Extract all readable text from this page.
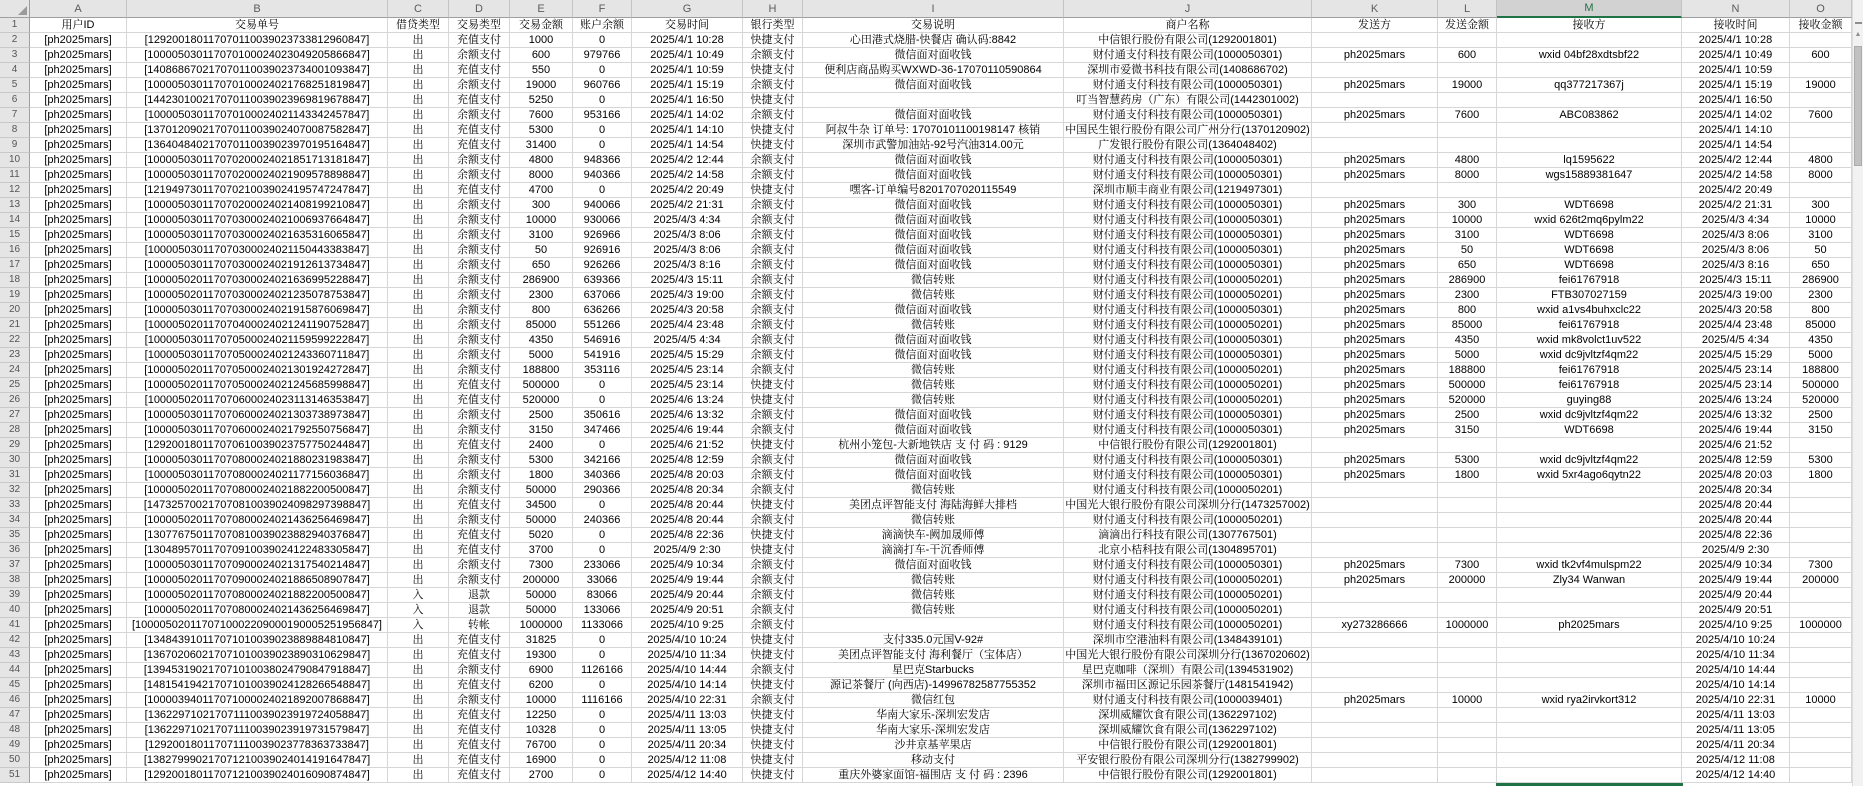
	A	B	C	D	E	F	G	H	I	J	K	L	M	N	O
1	用户ID	交易单号	借贷类型	交易类型	交易金额	账户余额	交易时间	银行类型	交易说明	商户名称	发送方	发送金额	接收方	接收时间	接收金额
2	[ph2025mars]	[129200180117070110039023733812960847]	出	充值支付	1000	0	2025/4/1 10:28	快捷支付	心田港式烧腊-快餐店 确认码:8842	中信银行股份有限公司(1292001801)				2025/4/1 10:28	
3	[ph2025mars]	[100005030117070100024023049205866847]	出	余额支付	600	979766	2025/4/1 10:49	余额支付	微信面对面收钱	财付通支付科技有限公司(1000050301)	ph2025mars	600	wxid 04bf28xdtsbf22	2025/4/1 10:49	600
4	[ph2025mars]	[140868670217070110039023734001093847]	出	充值支付	550	0	2025/4/1 10:59	快捷支付	便利店商品购买WXWD-36-17070110590864	深圳市爱微书科技有限公司(1408686702)				2025/4/1 10:59	
5	[ph2025mars]	[100005030117070100024021768251819847]	出	余额支付	19000	960766	2025/4/1 15:19	余额支付	微信面对面收钱	财付通支付科技有限公司(1000050301)	ph2025mars	19000	qq377217367j	2025/4/1 15:19	19000
6	[ph2025mars]	[144230100217070110039023969819678847]	出	充值支付	5250	0	2025/4/1 16:50	快捷支付		叮当智慧药房（广东）有限公司(1442301002)				2025/4/1 16:50	
7	[ph2025mars]	[100005030117070100024021143342457847]	出	余额支付	7600	953166	2025/4/1 14:02	余额支付	微信面对面收钱	财付通支付科技有限公司(1000050301)	ph2025mars	7600	ABC083862	2025/4/1 14:02	7600
8	[ph2025mars]	[137012090217070110039024070087582847]	出	充值支付	5300	0	2025/4/1 14:10	快捷支付	阿叔牛杂 订单号: 17070101100198147 核销	中国民生银行股份有限公司广州分行(1370120902)				2025/4/1 14:10	
9	[ph2025mars]	[136404840217070110039023970195164847]	出	充值支付	31400	0	2025/4/1 14:54	快捷支付	深圳市武警加油站-92号汽油314.00元	广发银行股份有限公司(1364048402)				2025/4/1 14:54	
10	[ph2025mars]	[100005030117070200024021851713181847]	出	余额支付	4800	948366	2025/4/2 12:44	余额支付	微信面对面收钱	财付通支付科技有限公司(1000050301)	ph2025mars	4800	lq1595622	2025/4/2 12:44	4800
11	[ph2025mars]	[100005030117070200024021909578898847]	出	余额支付	8000	940366	2025/4/2 14:58	余额支付	微信面对面收钱	财付通支付科技有限公司(1000050301)	ph2025mars	8000	wgs15889381647	2025/4/2 14:58	8000
12	[ph2025mars]	[121949730117070210039024195747247847]	出	充值支付	4700	0	2025/4/2 20:49	快捷支付	嘿客-订单编号8201707020115549	深圳市顺丰商业有限公司(1219497301)				2025/4/2 20:49	
13	[ph2025mars]	[100005030117070200024021408199210847]	出	余额支付	300	940066	2025/4/2 21:31	余额支付	微信面对面收钱	财付通支付科技有限公司(1000050301)	ph2025mars	300	WDT6698	2025/4/2 21:31	300
14	[ph2025mars]	[100005030117070300024021006937664847]	出	余额支付	10000	930066	2025/4/3 4:34	余额支付	微信面对面收钱	财付通支付科技有限公司(1000050301)	ph2025mars	10000	wxid 626t2mq6pylm22	2025/4/3 4:34	10000
15	[ph2025mars]	[100005030117070300024021635316065847]	出	余额支付	3100	926966	2025/4/3 8:06	余额支付	微信面对面收钱	财付通支付科技有限公司(1000050301)	ph2025mars	3100	WDT6698	2025/4/3 8:06	3100
16	[ph2025mars]	[100005030117070300024021150443383847]	出	余额支付	50	926916	2025/4/3 8:06	余额支付	微信面对面收钱	财付通支付科技有限公司(1000050301)	ph2025mars	50	WDT6698	2025/4/3 8:06	50
17	[ph2025mars]	[100005030117070300024021912613734847]	出	余额支付	650	926266	2025/4/3 8:16	余额支付	微信面对面收钱	财付通支付科技有限公司(1000050301)	ph2025mars	650	WDT6698	2025/4/3 8:16	650
18	[ph2025mars]	[100005020117070300024021636995228847]	出	余额支付	286900	639366	2025/4/3 15:11	余额支付	微信转账	财付通支付科技有限公司(1000050201)	ph2025mars	286900	fei61767918	2025/4/3 15:11	286900
19	[ph2025mars]	[100005020117070300024021235078753847]	出	余额支付	2300	637066	2025/4/3 19:00	余额支付	微信转账	财付通支付科技有限公司(1000050201)	ph2025mars	2300	FTB307027159	2025/4/3 19:00	2300
20	[ph2025mars]	[100005030117070300024021915876069847]	出	余额支付	800	636266	2025/4/3 20:58	余额支付	微信面对面收钱	财付通支付科技有限公司(1000050301)	ph2025mars	800	wxid a1vs4buhxclc22	2025/4/3 20:58	800
21	[ph2025mars]	[100005020117070400024021241190752847]	出	余额支付	85000	551266	2025/4/4 23:48	余额支付	微信转账	财付通支付科技有限公司(1000050201)	ph2025mars	85000	fei61767918	2025/4/4 23:48	85000
22	[ph2025mars]	[100005030117070500024021159599222847]	出	余额支付	4350	546916	2025/4/5 4:34	余额支付	微信面对面收钱	财付通支付科技有限公司(1000050301)	ph2025mars	4350	wxid mk8volct1uv522	2025/4/5 4:34	4350
23	[ph2025mars]	[100005030117070500024021243360711847]	出	余额支付	5000	541916	2025/4/5 15:29	余额支付	微信面对面收钱	财付通支付科技有限公司(1000050301)	ph2025mars	5000	wxid dc9jvltzf4qm22	2025/4/5 15:29	5000
24	[ph2025mars]	[100005020117070500024021301924272847]	出	余额支付	188800	353116	2025/4/5 23:14	余额支付	微信转账	财付通支付科技有限公司(1000050201)	ph2025mars	188800	fei61767918	2025/4/5 23:14	188800
25	[ph2025mars]	[100005020117070500024021245685998847]	出	充值支付	500000	0	2025/4/5 23:14	快捷支付	微信转账	财付通支付科技有限公司(1000050201)	ph2025mars	500000	fei61767918	2025/4/5 23:14	500000
26	[ph2025mars]	[100005020117070600024023113146353847]	出	充值支付	520000	0	2025/4/6 13:24	快捷支付	微信转账	财付通支付科技有限公司(1000050201)	ph2025mars	520000	guying88	2025/4/6 13:24	520000
27	[ph2025mars]	[100005030117070600024021303738973847]	出	余额支付	2500	350616	2025/4/6 13:32	余额支付	微信面对面收钱	财付通支付科技有限公司(1000050301)	ph2025mars	2500	wxid dc9jvltzf4qm22	2025/4/6 13:32	2500
28	[ph2025mars]	[100005030117070600024021792550756847]	出	余额支付	3150	347466	2025/4/6 19:44	余额支付	微信面对面收钱	财付通支付科技有限公司(1000050301)	ph2025mars	3150	WDT6698	2025/4/6 19:44	3150
29	[ph2025mars]	[129200180117070610039023757750244847]	出	充值支付	2400	0	2025/4/6 21:52	快捷支付	杭州小笼包-大新地铁店 支 付 码 : 9129	中信银行股份有限公司(1292001801)				2025/4/6 21:52	
30	[ph2025mars]	[100005030117070800024021880231983847]	出	余额支付	5300	342166	2025/4/8 12:59	余额支付	微信面对面收钱	财付通支付科技有限公司(1000050301)	ph2025mars	5300	wxid dc9jvltzf4qm22	2025/4/8 12:59	5300
31	[ph2025mars]	[100005030117070800024021177156036847]	出	余额支付	1800	340366	2025/4/8 20:03	余额支付	微信面对面收钱	财付通支付科技有限公司(1000050301)	ph2025mars	1800	wxid 5xr4ago6qytn22	2025/4/8 20:03	1800
32	[ph2025mars]	[100005020117070800024021882200500847]	出	余额支付	50000	290366	2025/4/8 20:34	余额支付	微信转账	财付通支付科技有限公司(1000050201)				2025/4/8 20:34	
33	[ph2025mars]	[147325700217070810039024098297398847]	出	充值支付	34500	0	2025/4/8 20:44	快捷支付	美团点评智能支付 海陆海鲜大排档	中国光大银行股份有限公司深圳分行(1473257002)				2025/4/8 20:44	
34	[ph2025mars]	[100005020117070800024021436256469847]	出	余额支付	50000	240366	2025/4/8 20:44	余额支付	微信转账	财付通支付科技有限公司(1000050201)				2025/4/8 20:44	
35	[ph2025mars]	[130776750117070810039023882940376847]	出	充值支付	5020	0	2025/4/8 22:36	快捷支付	滴滴快车-阙加晟师傅	滴滴出行科技有限公司(1307767501)				2025/4/8 22:36	
36	[ph2025mars]	[130489570117070910039024122483305847]	出	充值支付	3700	0	2025/4/9 2:30	快捷支付	滴滴打车-干沉香师傅	北京小桔科技有限公司(1304895701)				2025/4/9 2:30	
37	[ph2025mars]	[100005030117070900024021317540214847]	出	余额支付	7300	233066	2025/4/9 10:34	余额支付	微信面对面收钱	财付通支付科技有限公司(1000050301)	ph2025mars	7300	wxid tk2vf4mulspm22	2025/4/9 10:34	7300
38	[ph2025mars]	[100005020117070900024021886508907847]	出	余额支付	200000	33066	2025/4/9 19:44	余额支付	微信转账	财付通支付科技有限公司(1000050201)	ph2025mars	200000	Zly34 Wanwan	2025/4/9 19:44	200000
39	[ph2025mars]	[100005020117070800024021882200500847]	入	退款	50000	83066	2025/4/9 20:44	余额支付	微信转账	财付通支付科技有限公司(1000050201)				2025/4/9 20:44	
40	[ph2025mars]	[100005020117070800024021436256469847]	入	退款	50000	133066	2025/4/9 20:51	余额支付	微信转账	财付通支付科技有限公司(1000050201)				2025/4/9 20:51	
41	[ph2025mars]	[1000050201170710002209000190005251956847]	入	转帐	1000000	1133066	2025/4/10 9:25	余额支付		财付通支付科技有限公司(1000050201)	xy273286666	1000000	ph2025mars	2025/4/10 9:25	1000000
42	[ph2025mars]	[134843910117071010039023889884810847]	出	充值支付	31825	0	2025/4/10 10:24	快捷支付	支付335.0元国V-92#	深圳市空港油料有限公司(1348439101)				2025/4/10 10:24	
43	[ph2025mars]	[136702060217071010039023890310629847]	出	充值支付	19300	0	2025/4/10 11:34	快捷支付	美团点评智能支付 海利餐厅（宝体店）	中国光大银行股份有限公司深圳分行(1367020602)				2025/4/10 11:34	
44	[ph2025mars]	[139453190217071010038024790847918847]	出	余额支付	6900	1126166	2025/4/10 14:44	余额支付	星巴克Starbucks	星巴克咖啡（深圳）有限公司(1394531902)				2025/4/10 14:44	
45	[ph2025mars]	[148154194217071010039024128266548847]	出	充值支付	6200	0	2025/4/10 14:14	快捷支付	源记茶餐厅 (向西店)-14996782587755352	深圳市福田区源记乐园茶餐厅(1481541942)				2025/4/10 14:14	
46	[ph2025mars]	[100003940117071000024021892007868847]	出	余额支付	10000	1116166	2025/4/10 22:31	余额支付	微信红包	财付通支付科技有限公司(1000039401)	ph2025mars	10000	wxid rya2irvkort312	2025/4/10 22:31	10000
47	[ph2025mars]	[136229710217071110039023919724058847]	出	充值支付	12250	0	2025/4/11 13:03	快捷支付	华南大家乐-深圳宏发店	深圳威耀饮食有限公司(1362297102)				2025/4/11 13:03	
48	[ph2025mars]	[136229710217071110039023919731579847]	出	充值支付	10328	0	2025/4/11 13:05	快捷支付	华南大家乐-深圳宏发店	深圳威耀饮食有限公司(1362297102)				2025/4/11 13:05	
49	[ph2025mars]	[129200180117071110039023778363733847]	出	充值支付	76700	0	2025/4/11 20:34	快捷支付	沙井京基苹果店	中信银行股份有限公司(1292001801)				2025/4/11 20:34	
50	[ph2025mars]	[138279990217071210039024014191647847]	出	充值支付	16900	0	2025/4/12 11:08	快捷支付	移动支付	平安银行股份有限公司深圳分行(1382799902)				2025/4/12 11:08	
51	[ph2025mars]	[129200180117071210039024016090874847]	出	充值支付	2700	0	2025/4/12 14:40	快捷支付	重庆外婆家面馆-福围店 支 付 码 : 2396	中信银行股份有限公司(1292001801)				2025/4/12 14:40	
▲
